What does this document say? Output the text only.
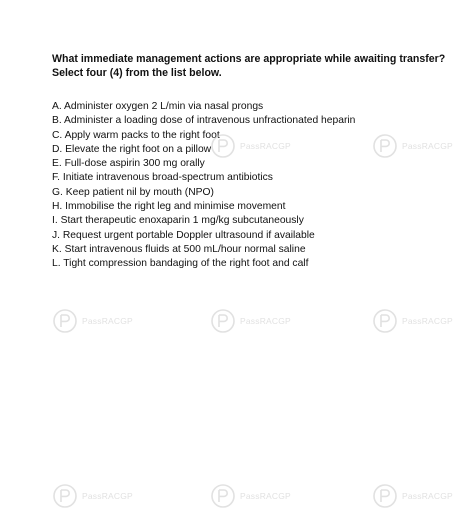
What immediate management actions are appropriate while awaiting transfer?
Select four (4) from the list below.

A. Administer oxygen 2 L/min via nasal prongs
B. Administer a loading dose of intravenous unfractionated heparin
C. Apply warm packs to the right foot
D. Elevate the right foot on a pillow
E. Full-dose aspirin 300 mg orally
F. Initiate intravenous broad-spectrum antibiotics
G. Keep patient nil by mouth (NPO)
H. Immobilise the right leg and minimise movement
I. Start therapeutic enoxaparin 1 mg/kg subcutaneously
J. Request urgent portable Doppler ultrasound if available
K. Start intravenous fluids at 500 mL/hour normal saline
L. Tight compression bandaging of the right foot and calf
PassRACGP	PassRACGP
PassRACGP	PassRACGP	PassRACGP
PassRACGP	PassRACGP	PassRACGP
